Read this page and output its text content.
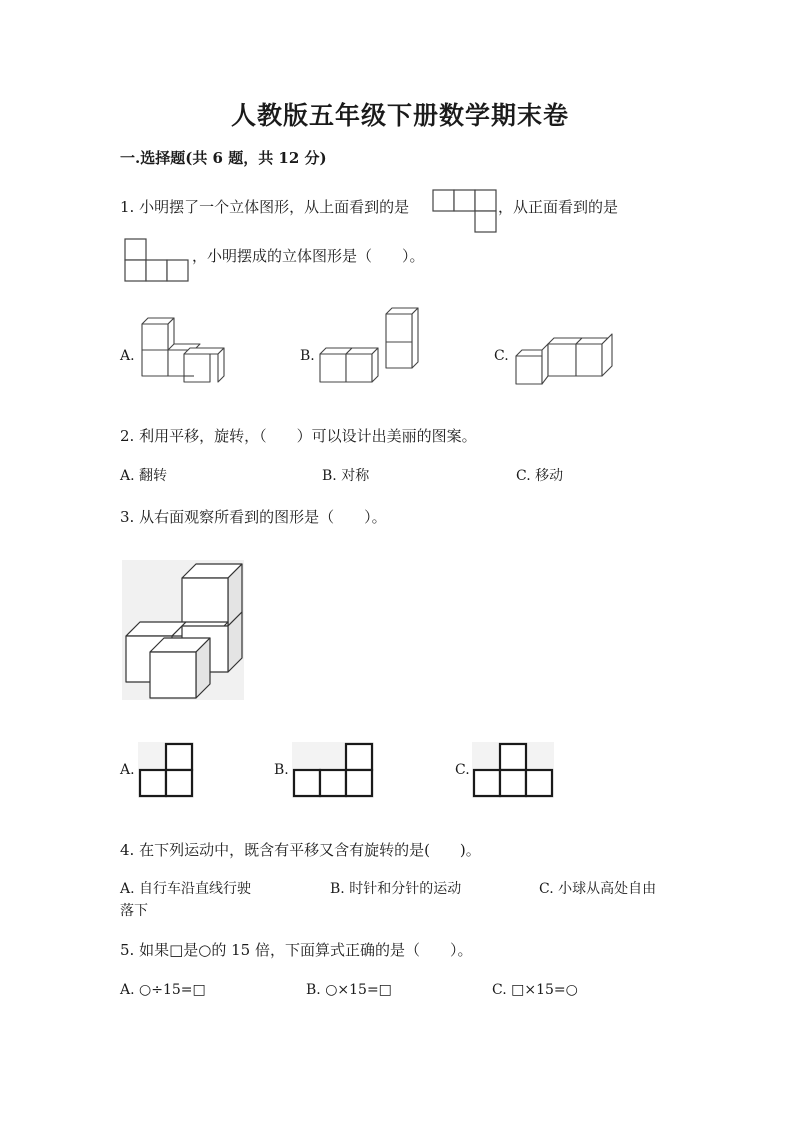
人教版五年级下册数学期末卷
一.选择题(共 6 题，共 12 分)
1. 小明摆了一个立体图形，从上面看到的是	，从正面看到的是
，小明摆成的立体图形是（　　）。
A.	B.	C.
2. 利用平移，旋转，（　　）可以设计出美丽的图案。
A. 翻转	B. 对称	C. 移动
3. 从右面观察所看到的图形是（　　）。
A.	B.	C.
4. 在下列运动中，既含有平移又含有旋转的是(　　)。
A. 自行车沿直线行驶	B. 时针和分针的运动	C. 小球从高处自由
落下
5. 如果□是○的 15 倍，下面算式正确的是（　　）。
A. ○÷15=□	B. ○×15=□	C. □×15=○
